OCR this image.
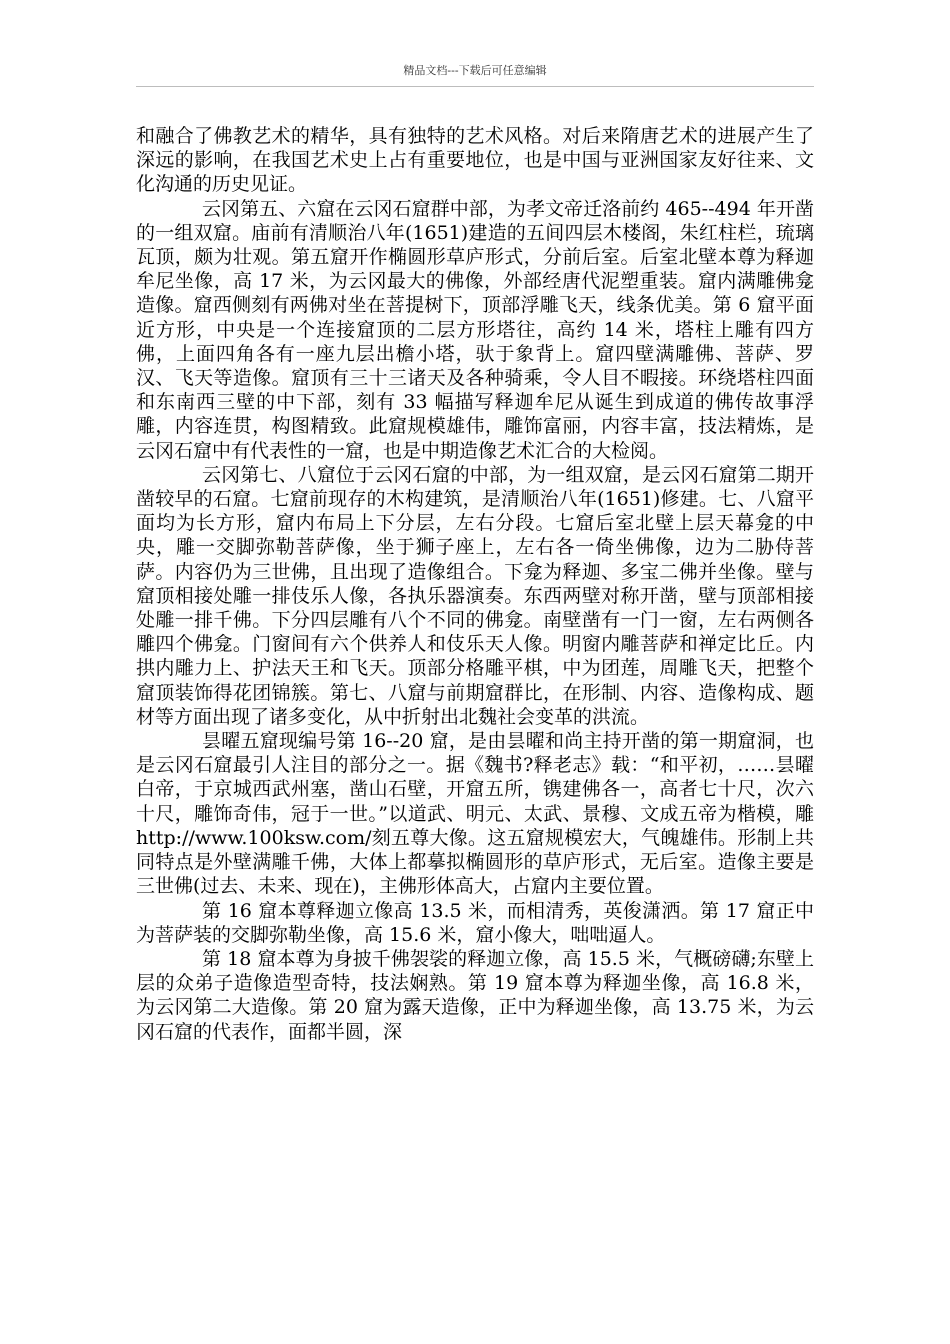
精品文档---下载后可任意编辑

和融合了佛教艺术的精华，具有独特的艺术风格。对后来隋唐艺术的进展产生了深远的影响，在我国艺术史上占有重要地位，也是中国与亚洲国家友好往来、文化沟通的历史见证。

云冈第五、六窟在云冈石窟群中部，为孝文帝迁洛前约 465--494 年开凿的一组双窟。庙前有清顺治八年(1651)建造的五间四层木楼阁，朱红柱栏，琉璃瓦顶，颇为壮观。第五窟开作椭圆形草庐形式，分前后室。后室北壁本尊为释迦牟尼坐像，高 17 米，为云冈最大的佛像，外部经唐代泥塑重装。窟内满雕佛龛造像。窟西侧刻有两佛对坐在菩提树下，顶部浮雕飞天，线条优美。第 6 窟平面近方形，中央是一个连接窟顶的二层方形塔往，高约 14 米，塔柱上雕有四方佛，上面四角各有一座九层出檐小塔，驮于象背上。窟四壁满雕佛、菩萨、罗汉、飞天等造像。窟顶有三十三诸天及各种骑乘，令人目不暇接。环绕塔柱四面和东南西三壁的中下部，刻有 33 幅描写释迦牟尼从诞生到成道的佛传故事浮雕，内容连贯，构图精致。此窟规模雄伟，雕饰富丽，内容丰富，技法精炼，是云冈石窟中有代表性的一窟，也是中期造像艺术汇合的大检阅。

云冈第七、八窟位于云冈石窟的中部，为一组双窟，是云冈石窟第二期开凿较早的石窟。七窟前现存的木构建筑，是清顺治八年(1651)修建。七、八窟平面均为长方形，窟内布局上下分层，左右分段。七窟后室北壁上层天幕龛的中央，雕一交脚弥勒菩萨像，坐于狮子座上，左右各一倚坐佛像，边为二胁侍菩萨。内容仍为三世佛，且出现了造像组合。下龛为释迦、多宝二佛并坐像。壁与窟顶相接处雕一排伎乐人像，各执乐器演奏。东西两壁对称开凿，壁与顶部相接处雕一排千佛。下分四层雕有八个不同的佛龛。南壁凿有一门一窗，左右两侧各雕四个佛龛。门窗间有六个供养人和伎乐天人像。明窗内雕菩萨和禅定比丘。内拱内雕力上、护法天王和飞天。顶部分格雕平棋，中为团莲，周雕飞天，把整个窟顶装饰得花团锦簇。第七、八窟与前期窟群比，在形制、内容、造像构成、题材等方面出现了诸多变化，从中折射出北魏社会变革的洪流。

昙曜五窟现编号第 16--20 窟，是由昙曜和尚主持开凿的第一期窟洞，也是云冈石窟最引人注目的部分之一。据《魏书?释老志》载：“和平初，……昙曜白帝，于京城西武州塞，凿山石壁，开窟五所，镌建佛各一，高者七十尺，次六十尺，雕饰奇伟，冠于一世。”以道武、明元、太武、景穆、文成五帝为楷模，雕 http://www.100ksw.com/刻五尊大像。这五窟规模宏大，气魄雄伟。形制上共同特点是外壁满雕千佛，大体上都摹拟椭圆形的草庐形式，无后室。造像主要是三世佛(过去、未来、现在)，主佛形体高大，占窟内主要位置。

第 16 窟本尊释迦立像高 13.5 米，而相清秀，英俊潇洒。第 17 窟正中为菩萨装的交脚弥勒坐像，高 15.6 米，窟小像大，咄咄逼人。

第 18 窟本尊为身披千佛袈裟的释迦立像，高 15.5 米，气概磅礴;东壁上层的众弟子造像造型奇特，技法娴熟。第 19 窟本尊为释迦坐像，高 16.8 米，为云冈第二大造像。第 20 窟为露天造像，正中为释迦坐像，高 13.75 米，为云冈石窟的代表作，面都半圆，深
